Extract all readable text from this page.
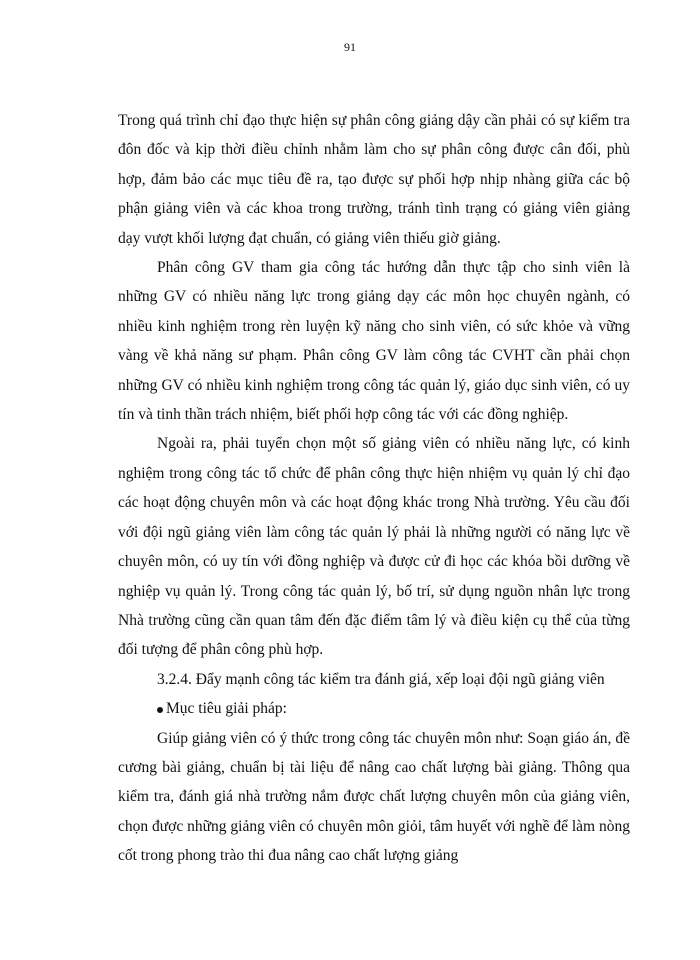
91

Trong quá trình chỉ đạo thực hiện sự phân công giảng dậy cần phải có sự kiểm tra đôn đốc và kịp thời điều chỉnh nhằm làm cho sự phân công được cân đối, phù hợp, đảm bảo các mục tiêu đề ra, tạo được sự phối hợp nhịp nhàng giữa các bộ phận giảng viên và các khoa trong trường, tránh tình trạng có giảng viên giảng dạy vượt khối lượng đạt chuẩn, có giảng viên thiếu giờ giảng.

Phân công GV tham gia công tác hướng dẫn thực tập cho sinh viên là những GV có nhiều năng lực trong giảng dạy các môn học chuyên ngành, có nhiều kinh nghiệm trong rèn luyện kỹ năng cho sinh viên, có sức khỏe và vững vàng về khả năng sư phạm. Phân công GV làm công tác CVHT cần phải chọn những GV có nhiều kinh nghiệm trong công tác quản lý, giáo dục sinh viên, có uy tín và tinh thần trách nhiệm, biết phối hợp công tác với các đồng nghiệp.

Ngoài ra, phải tuyển chọn một số giảng viên có nhiều năng lực, có kinh nghiệm trong công tác tổ chức để phân công thực hiện nhiệm vụ quản lý chỉ đạo các hoạt động chuyên môn và các hoạt động khác trong Nhà trường. Yêu cầu đối với đội ngũ giảng viên làm công tác quản lý phải là những người có năng lực về chuyên môn, có uy tín với đồng nghiệp và được cử đi học các khóa bồi dưỡng về nghiệp vụ quản lý. Trong công tác quản lý, bố trí, sử dụng nguồn nhân lực trong Nhà trường cũng cần quan tâm đến đặc điểm tâm lý và điều kiện cụ thể của từng đối tượng để phân công phù hợp.

3.2.4. Đẩy mạnh công tác kiểm tra đánh giá, xếp loại đội ngũ giảng viên

Mục tiêu giải pháp:

Giúp giảng viên có ý thức trong công tác chuyên môn như: Soạn giáo án, đề cương bài giảng, chuẩn bị tài liệu để nâng cao chất lượng bài giảng. Thông qua kiểm tra, đánh giá nhà trường nắm được chất lượng chuyên môn của giảng viên, chọn được những giảng viên có chuyên môn giỏi, tâm huyết với nghề để làm nòng cốt trong phong trào thi đua nâng cao chất lượng giảng
